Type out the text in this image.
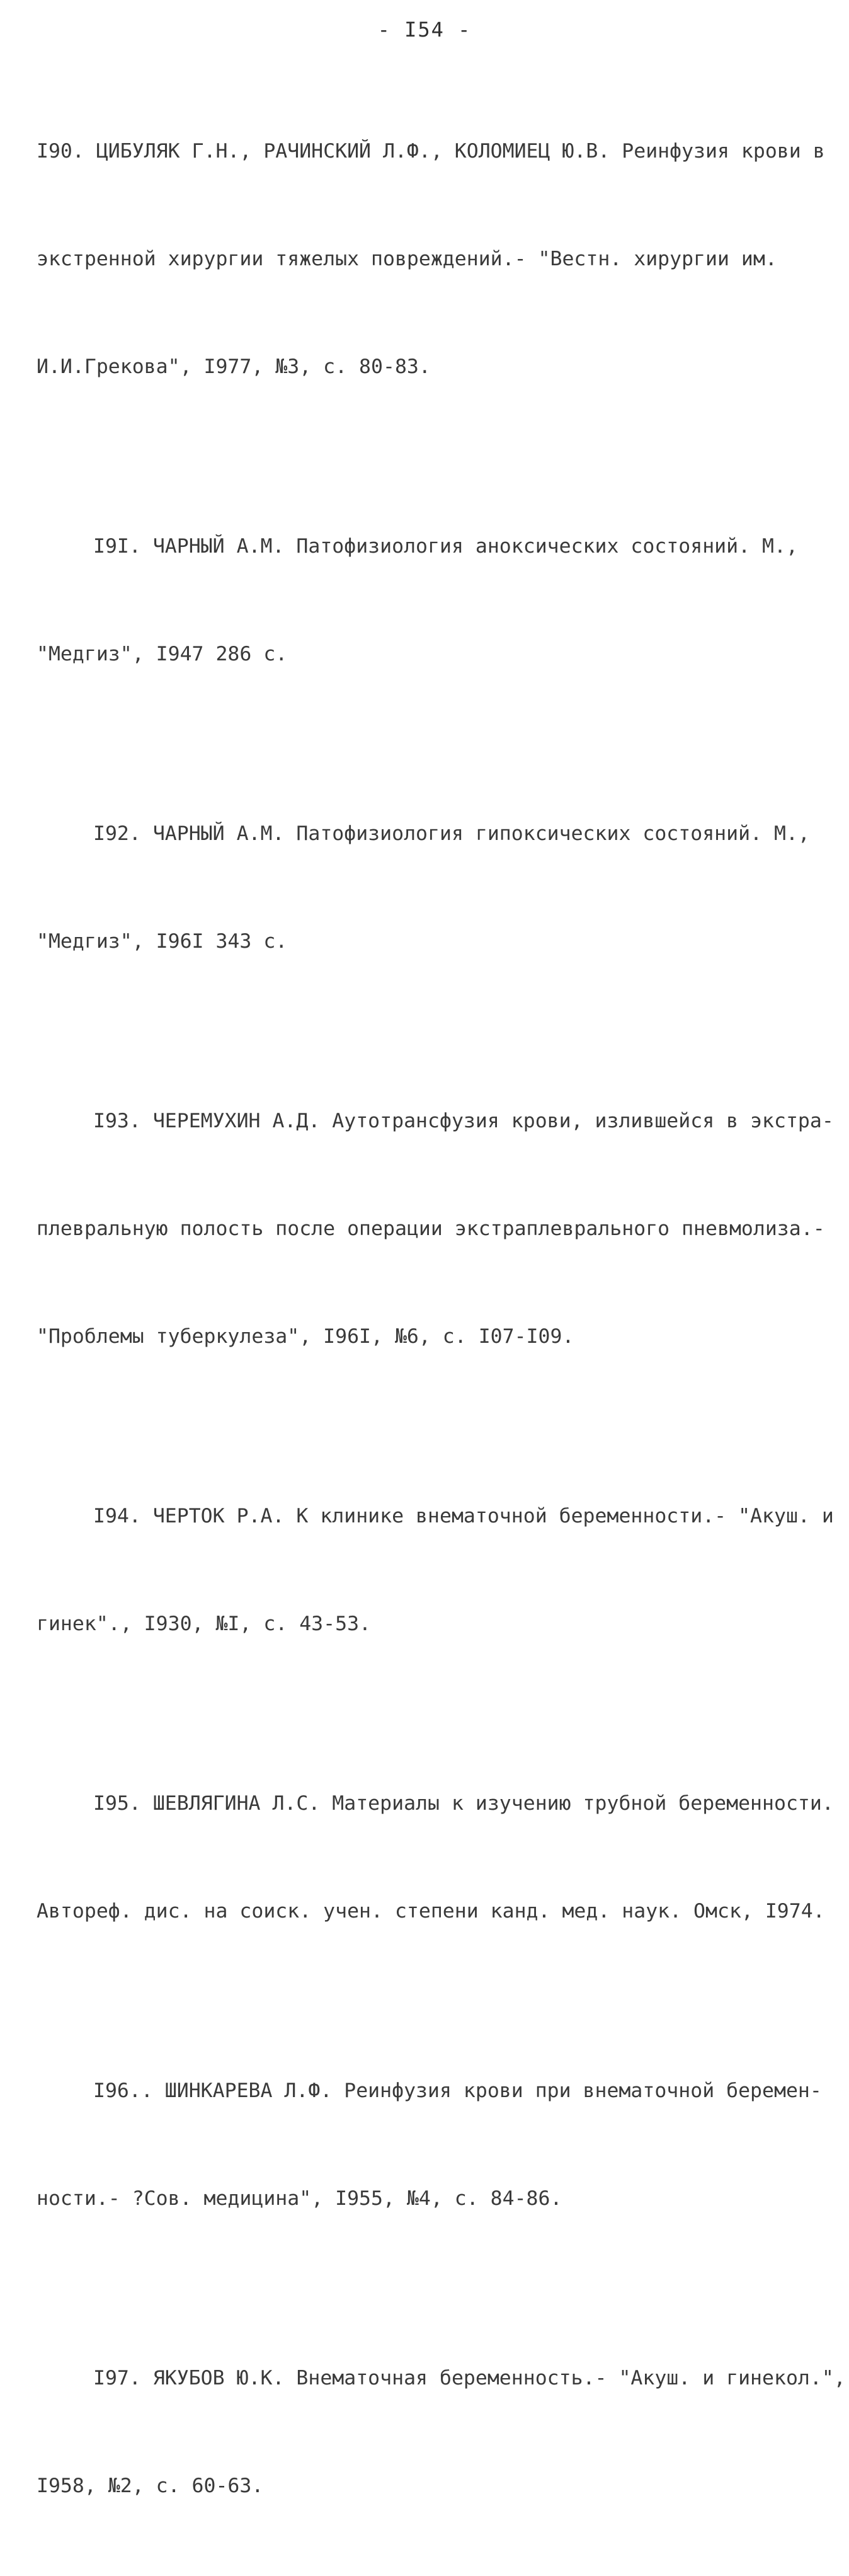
- I54 -

I90. ЦИБУЛЯК Г.Н., РАЧИНСКИЙ Л.Ф., КОЛОМИЕЦ Ю.В. Реинфузия крови в

экстренной хирургии тяжелых повреждений.- "Вестн. хирургии им.

И.И.Грекова", I977, №3, с. 80-83.

I9I. ЧАРНЫЙ А.М. Патофизиология аноксических состояний. М.,

"Медгиз", I947 286 с.

I92. ЧАРНЫЙ А.М. Патофизиология гипоксических состояний. М.,

"Медгиз", I96I 343 с.

I93. ЧЕРЕМУХИН А.Д. Аутотрансфузия крови, излившейся в экстра-

плевральную полость после операции экстраплеврального пневмолиза.-

"Проблемы туберкулеза", I96I, №6, с. I07-I09.

I94. ЧЕРТОК Р.А. К клинике внематочной беременности.- "Акуш. и

гинек"., I930, №I, с. 43-53.

I95. ШЕВЛЯГИНА Л.С. Материалы к изучению трубной беременности.

Автореф. дис. на соиск. учен. степени канд. мед. наук. Омск, I974.

I96.. ШИНКАРЕВА Л.Ф. Реинфузия крови при внематочной беремен-

ности.- ?Сов. медицина", I955, №4, с. 84-86.

I97. ЯКУБОВ Ю.К. Внематочная беременность.- "Акуш. и гинекол.",

I958, №2, с. 60-63.
